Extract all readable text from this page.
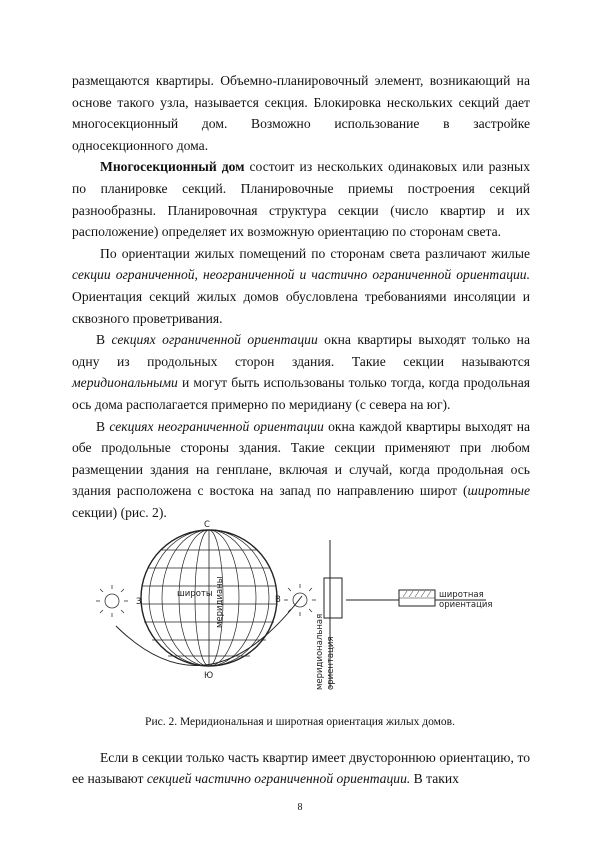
размещаются квартиры. Объемно-планировочный элемент, возникающий на основе такого узла, называется секция. Блокировка нескольких секций дает многосекционный дом. Возможно использование в застройке односекционного дома.

Многосекционный дом состоит из нескольких одинаковых или разных по планировке секций. Планировочные приемы построения секций разнообразны. Планировочная структура секции (число квартир и их расположение) определяет их возможную ориентацию по сторонам света.

По ориентации жилых помещений по сторонам света различают жилые секции ограниченной, неограниченной и частично ограниченной ориентации. Ориентация секций жилых домов обусловлена требованиями инсоляции и сквозного проветривания.

В секциях ограниченной ориентации окна квартиры выходят только на одну из продольных сторон здания. Такие секции называются меридиональными и могут быть использованы только тогда, когда продольная ось дома располагается примерно по меридиану (с севера на юг).

В секциях неограниченной ориентации окна каждой квартиры выходят на обе продольные стороны здания. Такие секции применяют при любом размещении здания на генплане, включая и случай, когда продольная ось здания расположена с востока на запад по направлению широт (широтные секции) (рис. 2).

С
Ю
З	В
широты меридианы
меридиональная ориентация
широтная
ориентация
Рис. 2. Меридиональная и широтная ориентация жилых домов.

Если в секции только часть квартир имеет двустороннюю ориентацию, то ее называют секцией частично ограниченной ориентации. В таких

8
